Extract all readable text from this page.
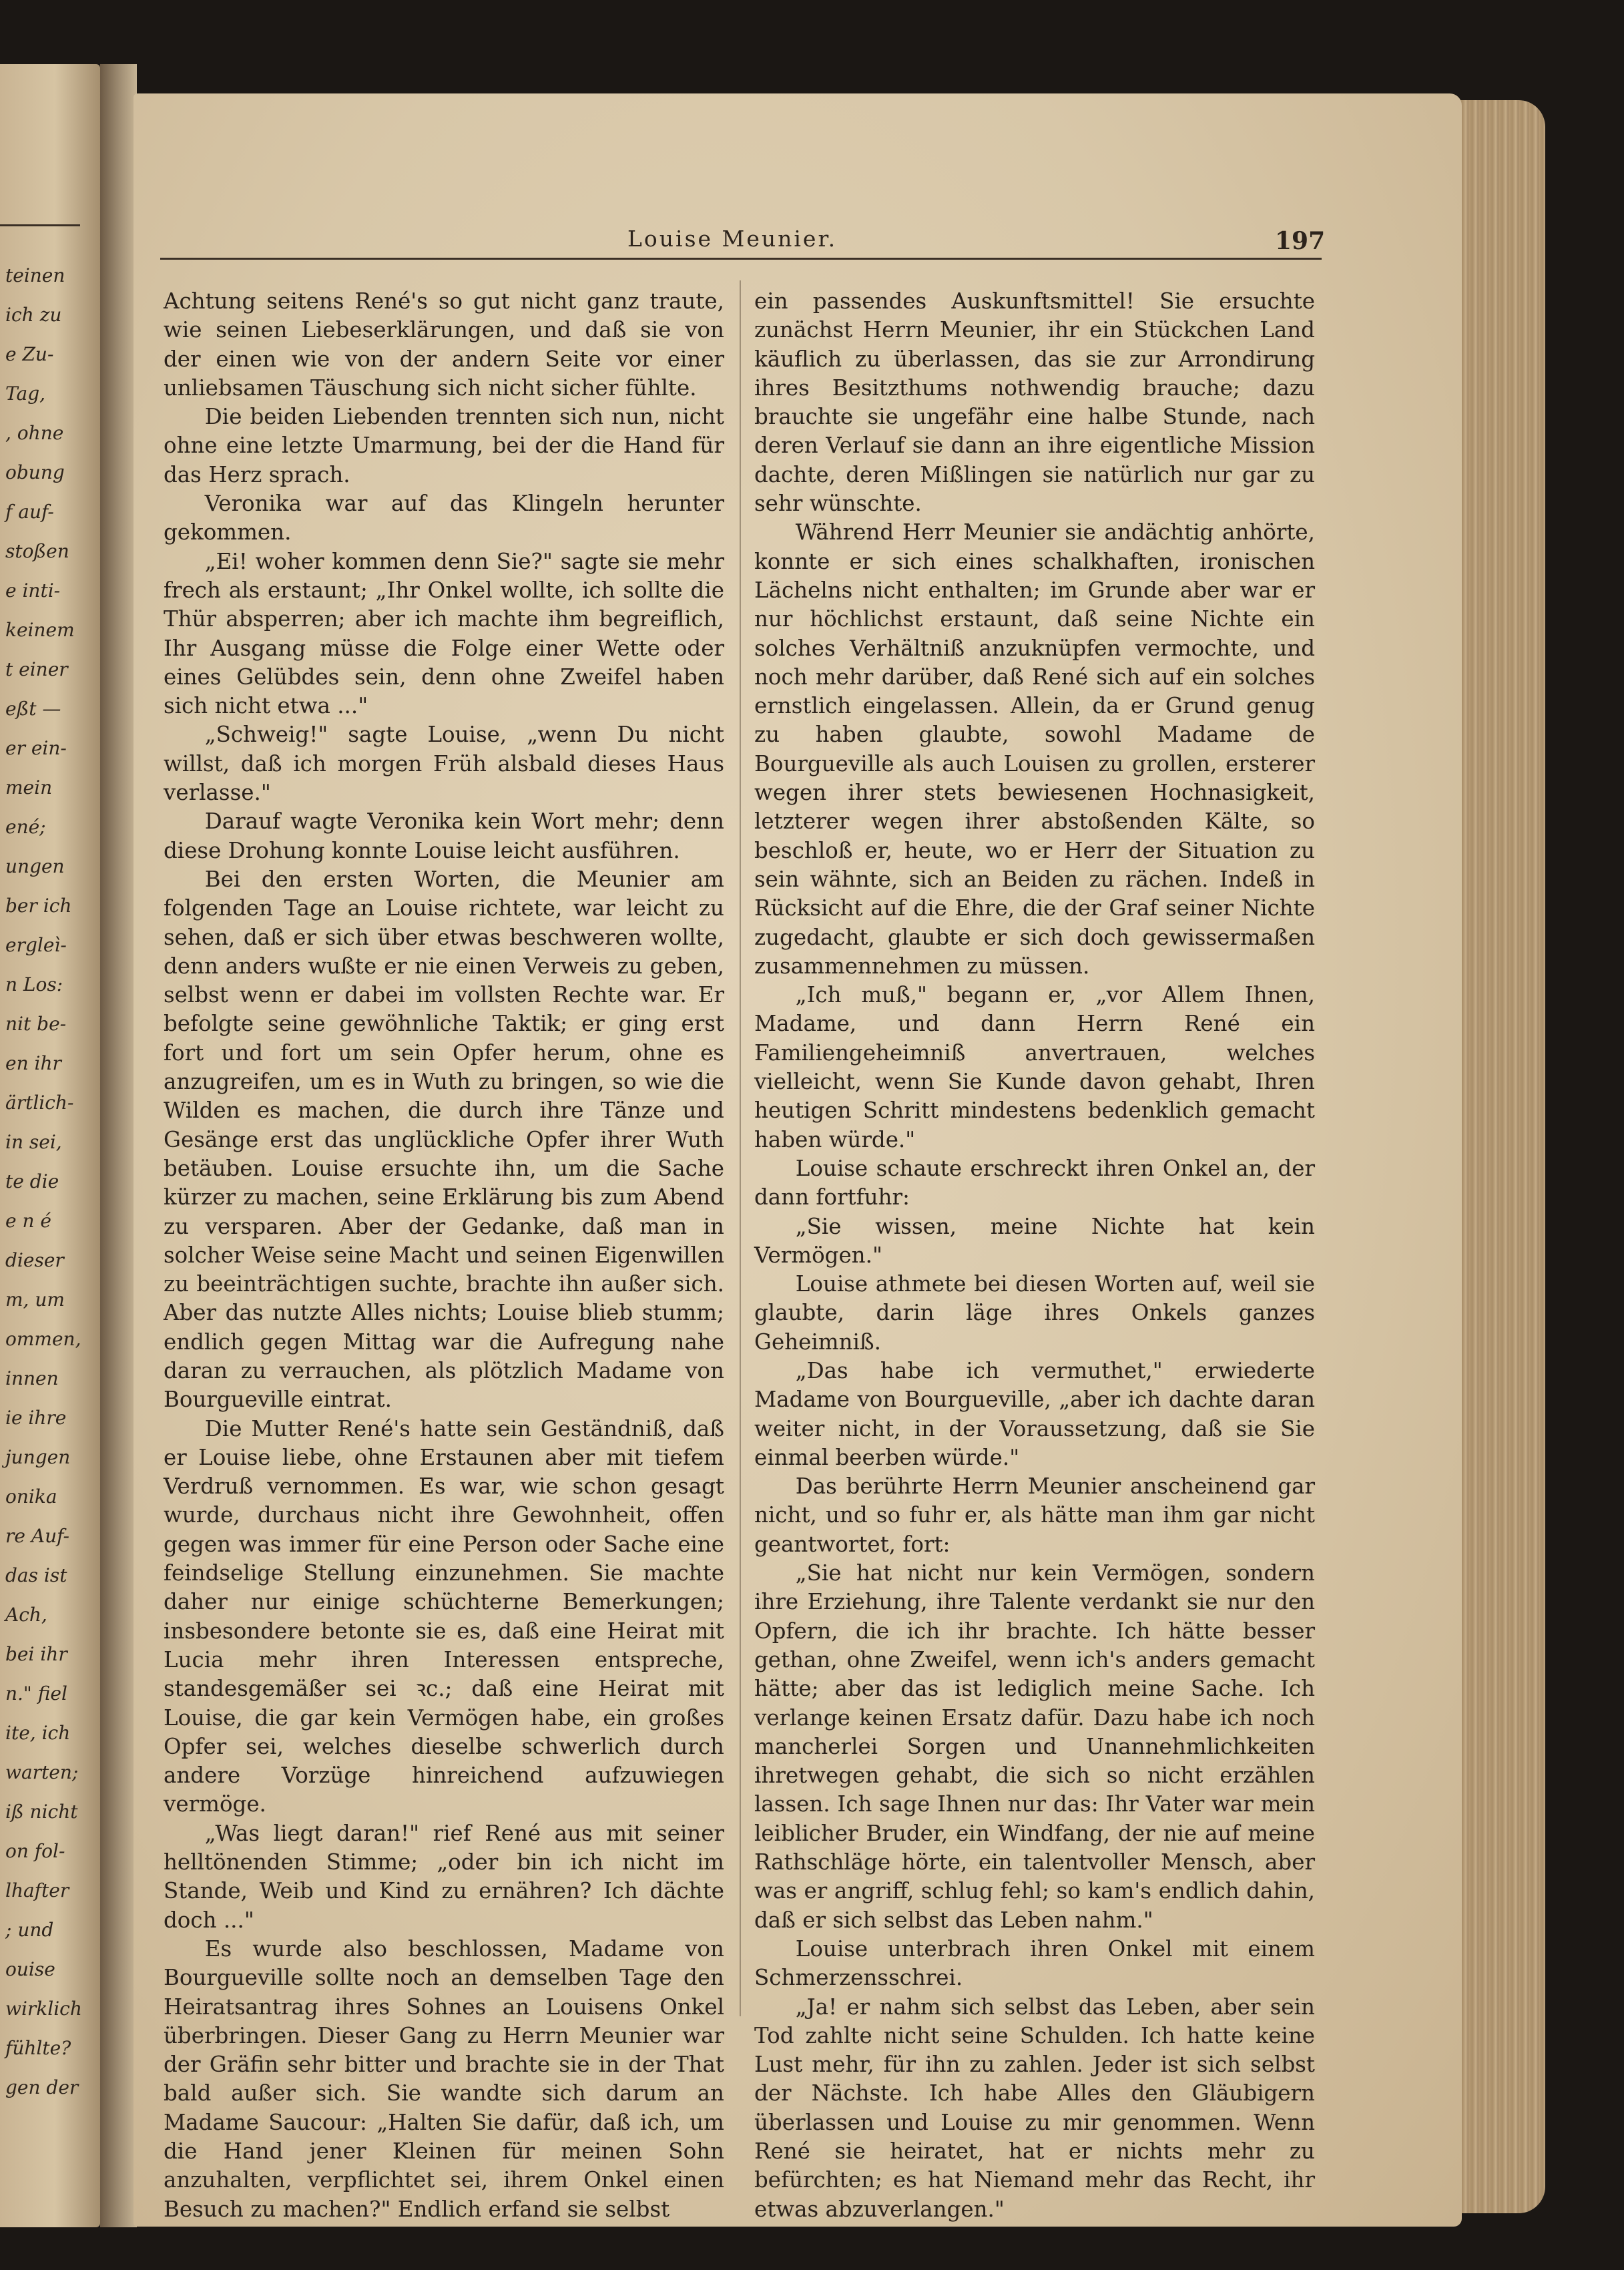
teinen
ich zu
e Zu-
Tag,
, ohne
obung
f auf-
stoßen
e inti-
keinem
t einer
eßt —
er ein-
mein
ené;
ungen
ber ich
ergleì-
n Los:
nit be-
en ihr
ärtlich-
in sei,
te die
e n é
dieser
m, um
ommen,
innen
ie ihre
jungen
onika
re Auf-
das ist
Ach,
bei ihr
n." fiel
ite, ich
warten;
iß nicht
on fol-
lhafter
; und
ouise
wirklich
fühlte?
gen der
Louise Meunier.	197

Achtung seitens René's so gut nicht ganz traute, wie seinen Liebeserklärungen, und daß sie von der einen wie von der andern Seite vor einer unliebsamen Täuschung sich nicht sicher fühlte.

Die beiden Liebenden trennten sich nun, nicht ohne eine letzte Umarmung, bei der die Hand für das Herz sprach.

Veronika war auf das Klingeln herunter gekommen.

„Ei! woher kommen denn Sie?" sagte sie mehr frech als erstaunt; „Ihr Onkel wollte, ich sollte die Thür absperren; aber ich machte ihm begreiflich, Ihr Ausgang müsse die Folge einer Wette oder eines Gelübdes sein, denn ohne Zweifel haben sich nicht etwa ..."

„Schweig!" sagte Louise, „wenn Du nicht willst, daß ich morgen Früh alsbald dieses Haus verlasse."

Darauf wagte Veronika kein Wort mehr; denn diese Drohung konnte Louise leicht ausführen.

Bei den ersten Worten, die Meunier am folgenden Tage an Louise richtete, war leicht zu sehen, daß er sich über etwas beschweren wollte, denn anders wußte er nie einen Verweis zu geben, selbst wenn er dabei im vollsten Rechte war. Er befolgte seine gewöhnliche Taktik; er ging erst fort und fort um sein Opfer herum, ohne es anzugreifen, um es in Wuth zu bringen, so wie die Wilden es machen, die durch ihre Tänze und Gesänge erst das unglückliche Opfer ihrer Wuth betäuben. Louise ersuchte ihn, um die Sache kürzer zu machen, seine Erklärung bis zum Abend zu versparen. Aber der Gedanke, daß man in solcher Weise seine Macht und seinen Eigenwillen zu beeinträchtigen suchte, brachte ihn außer sich. Aber das nutzte Alles nichts; Louise blieb stumm; endlich gegen Mittag war die Aufregung nahe daran zu verrauchen, als plötzlich Madame von Bourgueville eintrat.

Die Mutter René's hatte sein Geständniß, daß er Louise liebe, ohne Erstaunen aber mit tiefem Verdruß vernommen. Es war, wie schon gesagt wurde, durchaus nicht ihre Gewohnheit, offen gegen was immer für eine Person oder Sache eine feindselige Stellung einzunehmen. Sie machte daher nur einige schüchterne Bemerkungen; insbesondere betonte sie es, daß eine Heirat mit Lucia mehr ihren Interessen entspreche, standesgemäßer sei ꝛc.; daß eine Heirat mit Louise, die gar kein Vermögen habe, ein großes Opfer sei, welches dieselbe schwerlich durch andere Vorzüge hinreichend aufzuwiegen vermöge.

„Was liegt daran!" rief René aus mit seiner helltönenden Stimme; „oder bin ich nicht im Stande, Weib und Kind zu ernähren? Ich dächte doch ..."

Es wurde also beschlossen, Madame von Bourgueville sollte noch an demselben Tage den Heiratsantrag ihres Sohnes an Louisens Onkel überbringen. Dieser Gang zu Herrn Meunier war der Gräfin sehr bitter und brachte sie in der That bald außer sich. Sie wandte sich darum an Madame Saucour: „Halten Sie dafür, daß ich, um die Hand jener Kleinen für meinen Sohn anzuhalten, verpflichtet sei, ihrem Onkel einen Besuch zu machen?" Endlich erfand sie selbst

ein passendes Auskunftsmittel! Sie ersuchte zunächst Herrn Meunier, ihr ein Stückchen Land käuflich zu überlassen, das sie zur Arrondirung ihres Besitzthums nothwendig brauche; dazu brauchte sie ungefähr eine halbe Stunde, nach deren Verlauf sie dann an ihre eigentliche Mission dachte, deren Mißlingen sie natürlich nur gar zu sehr wünschte.

Während Herr Meunier sie andächtig anhörte, konnte er sich eines schalkhaften, ironischen Lächelns nicht enthalten; im Grunde aber war er nur höchlichst erstaunt, daß seine Nichte ein solches Verhältniß anzuknüpfen vermochte, und noch mehr darüber, daß René sich auf ein solches ernstlich eingelassen. Allein, da er Grund genug zu haben glaubte, sowohl Madame de Bourgueville als auch Louisen zu grollen, ersterer wegen ihrer stets bewiesenen Hochnasigkeit, letzterer wegen ihrer abstoßenden Kälte, so beschloß er, heute, wo er Herr der Situation zu sein wähnte, sich an Beiden zu rächen. Indeß in Rücksicht auf die Ehre, die der Graf seiner Nichte zugedacht, glaubte er sich doch gewissermaßen zusammennehmen zu müssen.

„Ich muß," begann er, „vor Allem Ihnen, Madame, und dann Herrn René ein Familiengeheimniß anvertrauen, welches vielleicht, wenn Sie Kunde davon gehabt, Ihren heutigen Schritt mindestens bedenklich gemacht haben würde."

Louise schaute erschreckt ihren Onkel an, der dann fortfuhr:

„Sie wissen, meine Nichte hat kein Vermögen."

Louise athmete bei diesen Worten auf, weil sie glaubte, darin läge ihres Onkels ganzes Geheimniß.

„Das habe ich vermuthet," erwiederte Madame von Bourgueville, „aber ich dachte daran weiter nicht, in der Voraussetzung, daß sie Sie einmal beerben würde."

Das berührte Herrn Meunier anscheinend gar nicht, und so fuhr er, als hätte man ihm gar nicht geantwortet, fort:

„Sie hat nicht nur kein Vermögen, sondern ihre Erziehung, ihre Talente verdankt sie nur den Opfern, die ich ihr brachte. Ich hätte besser gethan, ohne Zweifel, wenn ich's anders gemacht hätte; aber das ist lediglich meine Sache. Ich verlange keinen Ersatz dafür. Dazu habe ich noch mancherlei Sorgen und Unannehmlichkeiten ihretwegen gehabt, die sich so nicht erzählen lassen. Ich sage Ihnen nur das: Ihr Vater war mein leiblicher Bruder, ein Windfang, der nie auf meine Rathschläge hörte, ein talentvoller Mensch, aber was er angriff, schlug fehl; so kam's endlich dahin, daß er sich selbst das Leben nahm."

Louise unterbrach ihren Onkel mit einem Schmerzensschrei.

„Ja! er nahm sich selbst das Leben, aber sein Tod zahlte nicht seine Schulden. Ich hatte keine Lust mehr, für ihn zu zahlen. Jeder ist sich selbst der Nächste. Ich habe Alles den Gläubigern überlassen und Louise zu mir genommen. Wenn René sie heiratet, hat er nichts mehr zu befürchten; es hat Niemand mehr das Recht, ihr etwas abzuverlangen."
